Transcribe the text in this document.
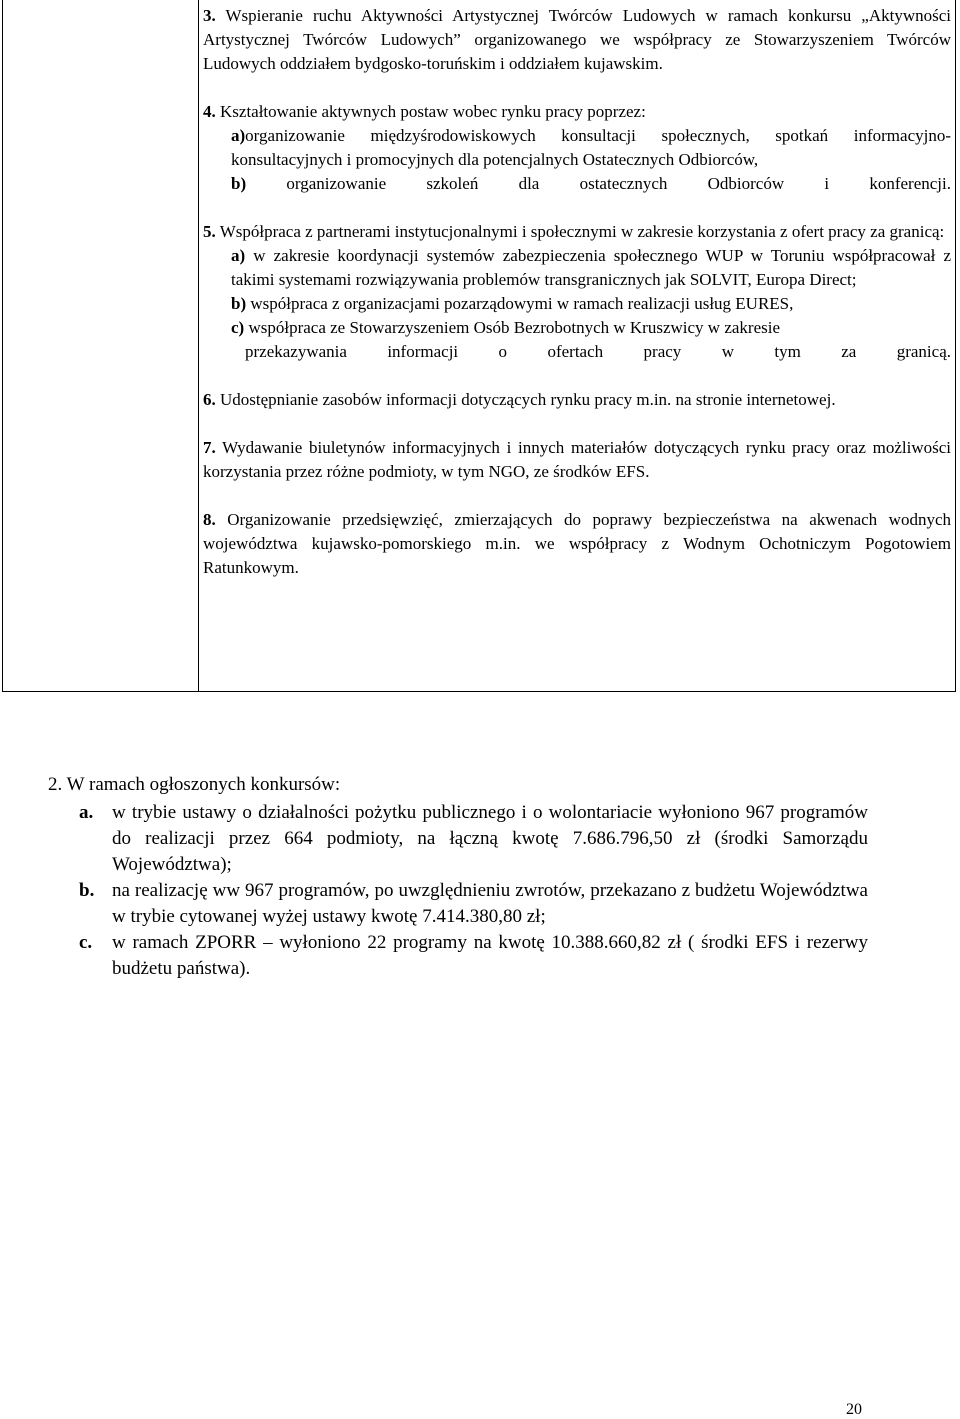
3. Wspieranie ruchu Aktywności Artystycznej Twórców Ludowych w ramach konkursu „Aktywności Artystycznej Twórców Ludowych” organizowanego we współpracy ze Stowarzyszeniem Twórców Ludowych oddziałem bydgosko-toruńskim i oddziałem kujawskim.

4. Kształtowanie aktywnych postaw wobec rynku pracy poprzez:

a)organizowanie międzyśrodowiskowych konsultacji społecznych, spotkań informacyjno-konsultacyjnych i promocyjnych dla potencjalnych Ostatecznych Odbiorców,

b) organizowanie szkoleń dla ostatecznych Odbiorców i konferencji.

5. Współpraca z partnerami instytucjonalnymi i społecznymi w zakresie korzystania z ofert pracy za granicą:

a) w zakresie koordynacji systemów zabezpieczenia społecznego WUP w Toruniu współpracował z takimi systemami rozwiązywania problemów transgranicznych jak SOLVIT, Europa Direct;

b) współpraca z organizacjami pozarządowymi w ramach realizacji usług EURES,

c) współpraca ze Stowarzyszeniem Osób Bezrobotnych w Kruszwicy w zakresie

przekazywania informacji o ofertach pracy w tym za granicą.

6. Udostępnianie zasobów informacji dotyczących rynku pracy m.in. na stronie internetowej.

7. Wydawanie biuletynów informacyjnych i innych materiałów dotyczących rynku pracy oraz możliwości korzystania przez różne podmioty, w tym NGO, ze środków EFS.

8. Organizowanie przedsięwzięć, zmierzających do poprawy bezpieczeństwa na akwenach wodnych województwa kujawsko-pomorskiego m.in. we współpracy z Wodnym Ochotniczym Pogotowiem Ratunkowym.

2. W ramach ogłoszonych konkursów:

a. w trybie ustawy o działalności pożytku publicznego i o wolontariacie wyłoniono 967 programów do realizacji przez 664 podmioty, na łączną kwotę 7.686.796,50 zł (środki Samorządu Województwa);

b. na realizację ww 967 programów, po uwzględnieniu zwrotów, przekazano z budżetu Województwa w trybie cytowanej wyżej ustawy kwotę 7.414.380,80 zł;

c. w ramach ZPORR – wyłoniono 22 programy na kwotę 10.388.660,82 zł ( środki EFS i rezerwy budżetu państwa).

20
